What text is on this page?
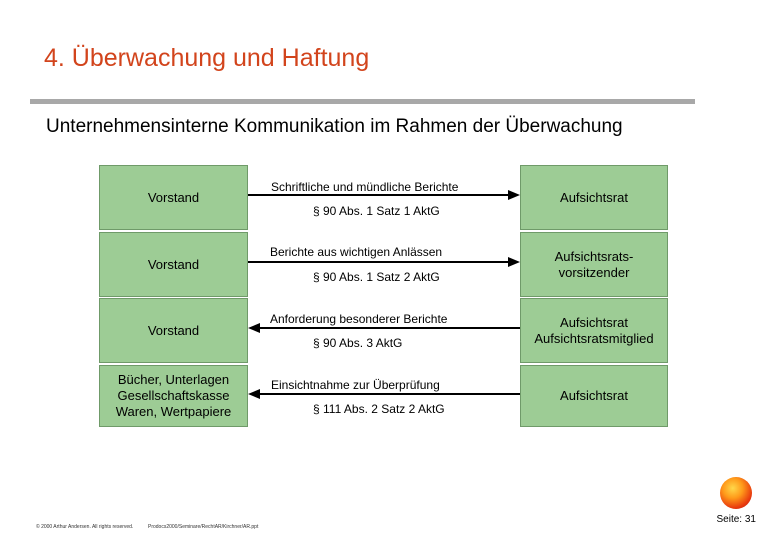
4. Überwachung und Haftung
Unternehmensinterne Kommunikation im Rahmen der Überwachung
Vorstand	Aufsichtsrat
Schriftliche und mündliche Berichte
§ 90 Abs. 1 Satz 1 AktG
Vorstand
Aufsichtsrats-
vorsitzender
Berichte aus wichtigen Anlässen
§ 90 Abs. 1 Satz 2 AktG
Vorstand
Aufsichtsrat
Aufsichtsratsmitglied
Anforderung besonderer Berichte
§ 90 Abs. 3 AktG
Bücher, Unterlagen
Gesellschaftskasse
Waren, Wertpapiere
Aufsichtsrat
Einsichtnahme zur Überprüfung
§ 111 Abs. 2 Satz 2 AktG
© 2000 Arthur Andersen. All rights reserved.	Prodocs2000/Seminare/RechtAR/Kirchner/AR.ppt
Seite: 31
